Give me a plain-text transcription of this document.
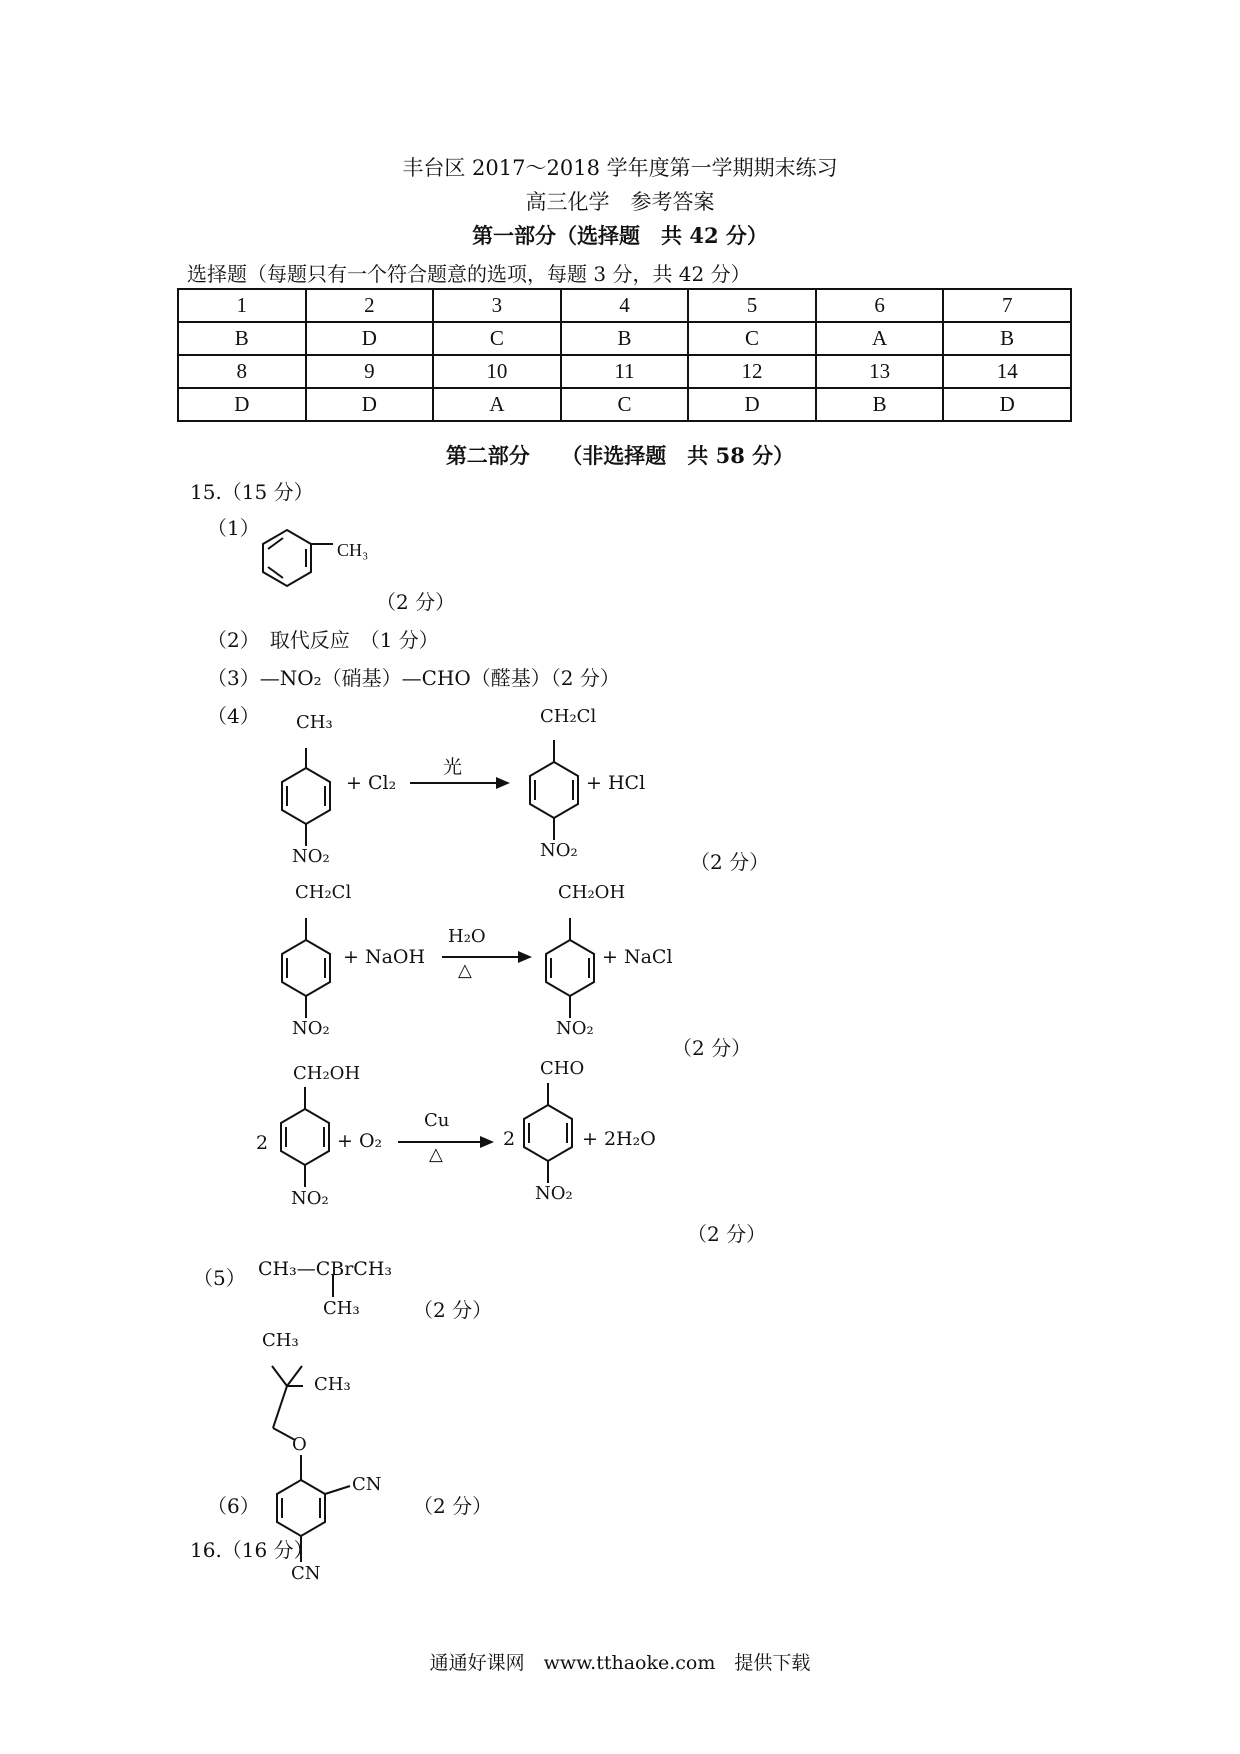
丰台区 2017～2018 学年度第一学期期末练习
高三化学　参考答案
第一部分（选择题　共 42 分）
选择题（每题只有一个符合题意的选项，每题 3 分，共 42 分）
1	2	3	4	5	6	7
B	D	C	B	C	A	B
8	9	10	11	12	13	14
D	D	A	C	D	B	D
第二部分　　（非选择题　共 58 分）
15.（15 分）
（1）
CH₃
（2 分）
（2）　取代反应　（1 分）
（3）—NO₂（硝基）—CHO（醛基）（2 分）
（4） CH₃
NO₂
+ Cl₂
光
CH₂Cl
NO₂
+ HCl
（2 分）
CH₂Cl
NO₂
+ NaOH
H₂O
△
CH₂OH
NO₂
+ NaCl
（2 分）
2
CH₂OH
NO₂
+ O₂
Cu
△
2
CHO
NO₂
+ 2H₂O
（2 分）
（5） CH₃—CBrCH₃
CH₃	（2 分）
CH₃
CH₃
O
（6）
CN
（2 分）
CN
16.（16 分）
通通好课网　www.tthaoke.com　提供下载
